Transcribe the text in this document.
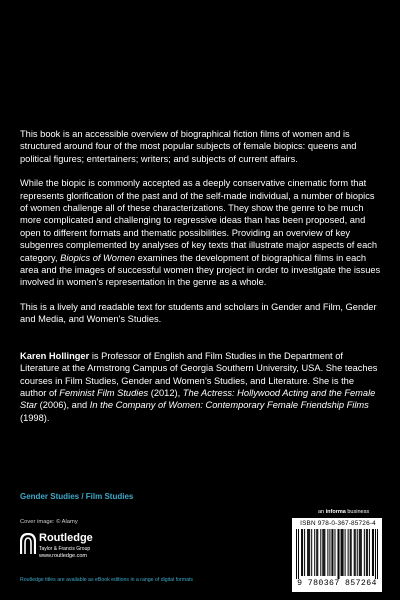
This book is an accessible overview of biographical fiction films of women and is structured around four of the most popular subjects of female biopics: queens and political figures; entertainers; writers; and subjects of current affairs.

While the biopic is commonly accepted as a deeply conservative cinematic form that represents glorification of the past and of the self-made individual, a number of biopics of women challenge all of these characterizations. They show the genre to be much more complicated and challenging to regressive ideas than has been proposed, and open to different formats and thematic possibilities. Providing an overview of key subgenres complemented by analyses of key texts that illustrate major aspects of each category, Biopics of Women examines the development of biographical films in each area and the images of successful women they project in order to investigate the issues involved in women’s representation in the genre as a whole.

This is a lively and readable text for students and scholars in Gender and Film, Gender and Media, and Women’s Studies.

Karen Hollinger is Professor of English and Film Studies in the Department of Literature at the Armstrong Campus of Georgia Southern University, USA. She teaches courses in Film Studies, Gender and Women’s Studies, and Literature. She is the author of Feminist Film Studies (2012), The Actress: Hollywood Acting and the Female Star (2006), and In the Company of Women: Contemporary Female Friendship Films (1998).

Gender Studies / Film Studies
Cover image: © Alamy
Routledge
Taylor & Francis Group
www.routledge.com
Routledge titles are available as eBook editions in a range of digital formats
an informa business
ISBN 978-0-367-85726-4
9 780367 857264
